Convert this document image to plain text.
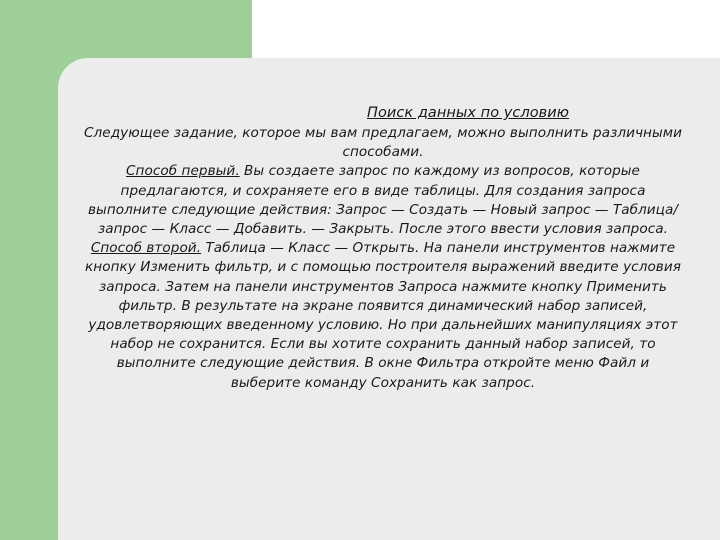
Поиск данных по условию

Следующее задание, которое мы вам предлагаем, можно выполнить различными способами.

Способ первый. Вы создаете запрос по каждому из вопросов, которые предлагаются, и сохраняете его в виде таблицы. Для создания запроса выполните следующие действия: Запрос — Создать — Новый запрос — Таблица/ запрос — Класс — Добавить. — Закрыть. После этого ввести условия запроса.

Способ второй. Таблица — Класс — Открыть. На панели инструментов нажмите кнопку Изменить фильтр, и с помощью построителя выражений введите условия запроса. Затем на панели инструментов Запроса нажмите кнопку Применить фильтр. В результате на экране появится динамический набор записей, удовлетворяющих введенному условию. Но при дальнейших манипуляциях этот набор не сохранится. Если вы хотите сохранить данный набор записей, то выполните следующие действия. В окне Фильтра откройте меню Файл и выберите команду Сохранить как запрос.
